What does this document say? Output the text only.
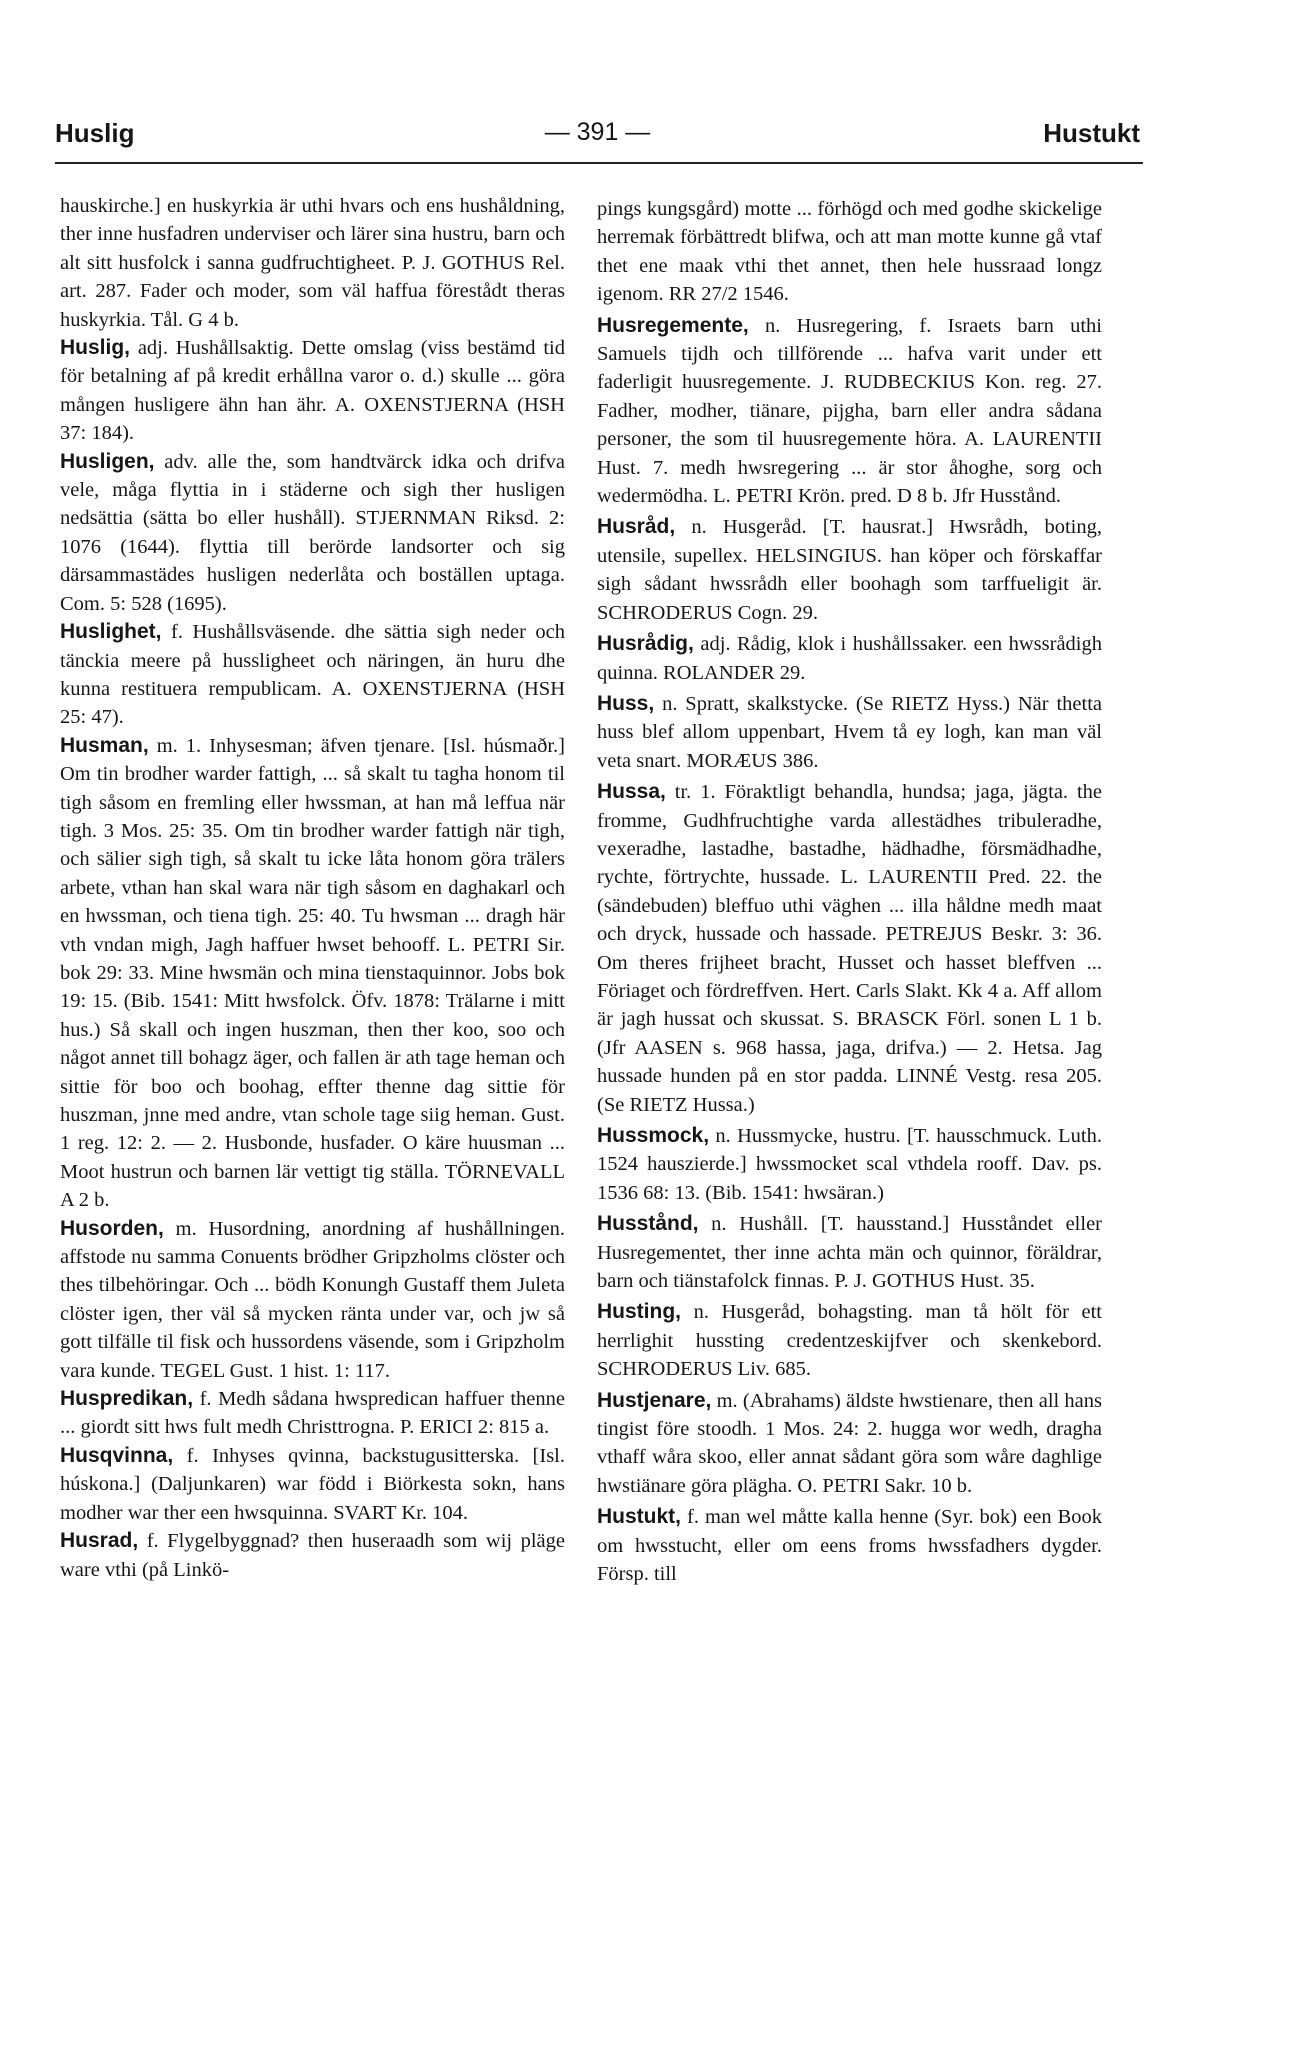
Huslig	— 391 —	Hustukt

hauskirche.] en huskyrkia är uthi hvars och ens hushåldning, ther inne husfadren underviser och lärer sina hustru, barn och alt sitt husfolck i sanna gudfruchtigheet. P. J. GOTHUS Rel. art. 287. Fader och moder, som väl haffua förestådt theras huskyrkia. Tål. G 4 b.

Huslig, adj. Hushållsaktig. Dette omslag (viss bestämd tid för betalning af på kredit erhållna varor o. d.) skulle ... göra mången husligere ähn han ähr. A. OXENSTJERNA (HSH 37: 184).

Husligen, adv. alle the, som handtvärck idka och drifva vele, måga flyttia in i städerne och sigh ther husligen nedsättia (sätta bo eller hushåll). STJERNMAN Riksd. 2: 1076 (1644). flyttia till berörde landsorter och sig därsammastädes husligen nederlåta och boställen uptaga. Com. 5: 528 (1695).

Huslighet, f. Hushållsväsende. dhe sättia sigh neder och tänckia meere på hussligheet och näringen, än huru dhe kunna restituera rempublicam. A. OXENSTJERNA (HSH 25: 47).

Husman, m. 1. Inhysesman; äfven tjenare. [Isl. húsmaðr.] Om tin brodher warder fattigh, ... så skalt tu tagha honom til tigh såsom en fremling eller hwssman, at han må leffua när tigh. 3 Mos. 25: 35. Om tin brodher warder fattigh när tigh, och sälier sigh tigh, så skalt tu icke låta honom göra trälers arbete, vthan han skal wara när tigh såsom en daghakarl och en hwssman, och tiena tigh. 25: 40. Tu hwsman ... dragh här vth vndan migh, Jagh haffuer hwset behooff. L. PETRI Sir. bok 29: 33. Mine hwsmän och mina tienstaquinnor. Jobs bok 19: 15. (Bib. 1541: Mitt hwsfolck. Öfv. 1878: Trälarne i mitt hus.) Så skall och ingen huszman, then ther koo, soo och något annet till bohagz äger, och fallen är ath tage heman och sittie för boo och boohag, effter thenne dag sittie för huszman, jnne med andre, vtan schole tage siig heman. Gust. 1 reg. 12: 2. — 2. Husbonde, husfader. O käre huusman ... Moot hustrun och barnen lär vettigt tig ställa. TÖRNEVALL A 2 b.

Husorden, m. Husordning, anordning af hushållningen. affstode nu samma Conuents brödher Gripzholms clöster och thes tilbehöringar. Och ... bödh Konungh Gustaff them Juleta clöster igen, ther väl så mycken ränta under var, och jw så gott tilfälle til fisk och hussordens väsende, som i Gripzholm vara kunde. TEGEL Gust. 1 hist. 1: 117.

Huspredikan, f. Medh sådana hwspredican haffuer thenne ... giordt sitt hws fult medh Christtrogna. P. ERICI 2: 815 a.

Husqvinna, f. Inhyses qvinna, backstugusitterska. [Isl. húskona.] (Daljunkaren) war född i Biörkesta sokn, hans modher war ther een hwsquinna. SVART Kr. 104.

Husrad, f. Flygelbyggnad? then huseraadh som wij pläge ware vthi (på Linkö-

pings kungsgård) motte ... förhögd och med godhe skickelige herremak förbättredt blifwa, och att man motte kunne gå vtaf thet ene maak vthi thet annet, then hele hussraad longz igenom. RR 27/2 1546.

Husregemente, n. Husregering, f. Israets barn uthi Samuels tijdh och tillförende ... hafva varit under ett faderligit huusregemente. J. RUDBECKIUS Kon. reg. 27. Fadher, modher, tiänare, pijgha, barn eller andra sådana personer, the som til huusregemente höra. A. LAURENTII Hust. 7. medh hwsregering ... är stor åhoghe, sorg och wedermödha. L. PETRI Krön. pred. D 8 b. Jfr Husstånd.

Husråd, n. Husgeråd. [T. hausrat.] Hwsrådh, boting, utensile, supellex. HELSINGIUS. han köper och förskaffar sigh sådant hwssrådh eller boohagh som tarffueligit är. SCHRODERUS Cogn. 29.

Husrådig, adj. Rådig, klok i hushållssaker. een hwssrådigh quinna. ROLANDER 29.

Huss, n. Spratt, skalkstycke. (Se RIETZ Hyss.) När thetta huss blef allom uppenbart, Hvem tå ey logh, kan man väl veta snart. MORÆUS 386.

Hussa, tr. 1. Föraktligt behandla, hundsa; jaga, jägta. the fromme, Gudhfruchtighe varda allestädhes tribuleradhe, vexeradhe, lastadhe, bastadhe, hädhadhe, försmädhadhe, rychte, förtrychte, hussade. L. LAURENTII Pred. 22. the (sändebuden) bleffuo uthi väghen ... illa håldne medh maat och dryck, hussade och hassade. PETREJUS Beskr. 3: 36. Om theres frijheet bracht, Husset och hasset bleffven ... Föriaget och fördreffven. Hert. Carls Slakt. Kk 4 a. Aff allom är jagh hussat och skussat. S. BRASCK Förl. sonen L 1 b. (Jfr AASEN s. 968 hassa, jaga, drifva.) — 2. Hetsa. Jag hussade hunden på en stor padda. LINNÉ Vestg. resa 205. (Se RIETZ Hussa.)

Hussmock, n. Hussmycke, hustru. [T. hausschmuck. Luth. 1524 hauszierde.] hwssmocket scal vthdela rooff. Dav. ps. 1536 68: 13. (Bib. 1541: hwsäran.)

Husstånd, n. Hushåll. [T. hausstand.] Husståndet eller Husregementet, ther inne achta män och quinnor, föräldrar, barn och tiänstafolck finnas. P. J. GOTHUS Hust. 35.

Husting, n. Husgeråd, bohagsting. man tå hölt för ett herrlighit hussting credentzeskijfver och skenkebord. SCHRODERUS Liv. 685.

Hustjenare, m. (Abrahams) äldste hwstienare, then all hans tingist före stoodh. 1 Mos. 24: 2. hugga wor wedh, dragha vthaff wåra skoo, eller annat sådant göra som wåre daghlige hwstiänare göra plägha. O. PETRI Sakr. 10 b.

Hustukt, f. man wel måtte kalla henne (Syr. bok) een Book om hwsstucht, eller om eens froms hwssfadhers dygder. Försp. till
